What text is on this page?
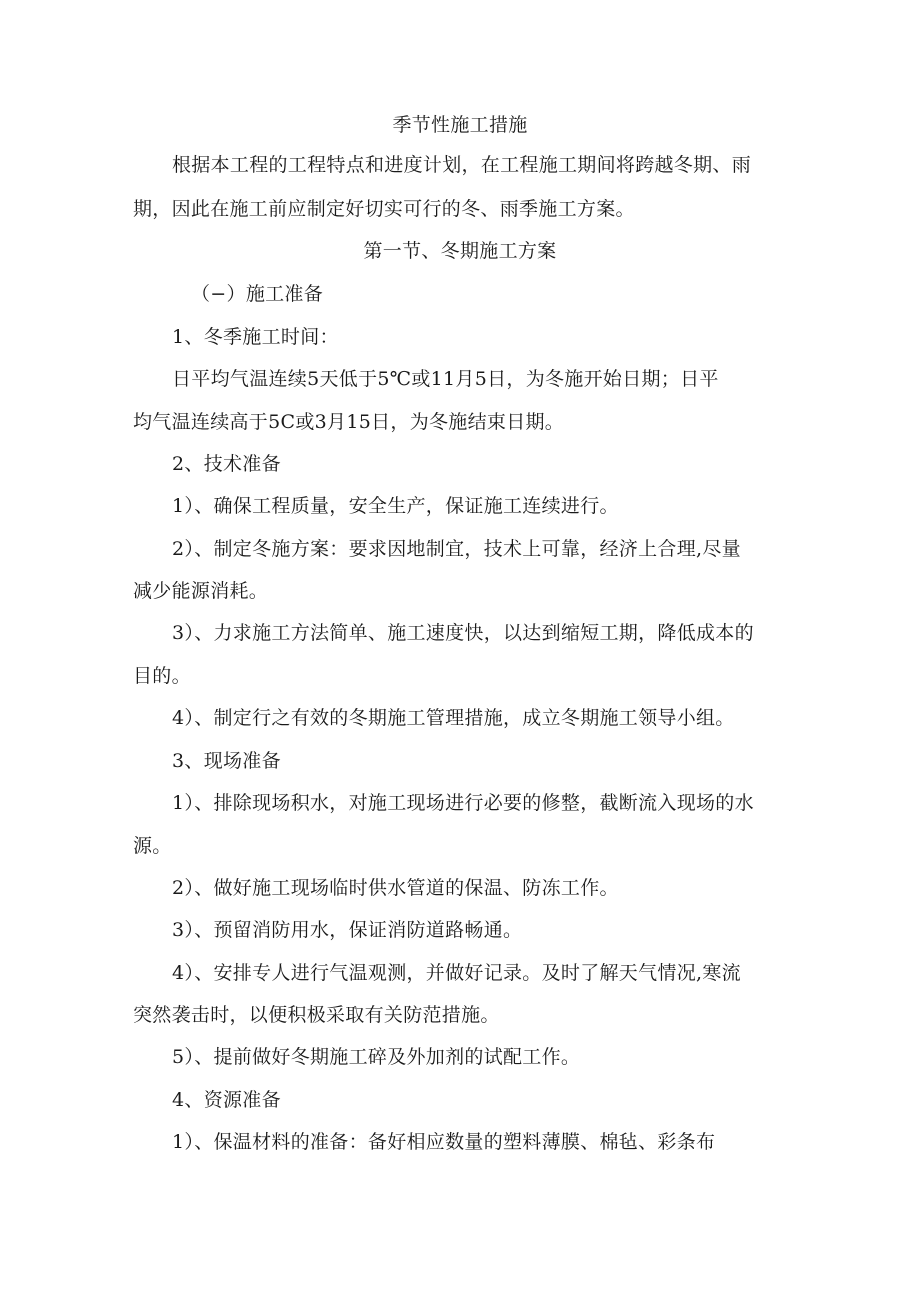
季节性施工措施
根据本工程的工程特点和进度计划，在工程施工期间将跨越冬期、雨
期，因此在施工前应制定好切实可行的冬、雨季施工方案。
第一节、冬期施工方案
（−）施工准备
1、冬季施工时间：
日平均气温连续5天低于5℃或11月5日，为冬施开始日期；日平
均气温连续高于5C或3月15日，为冬施结束日期。
2、技术准备
1）、确保工程质量，安全生产，保证施工连续进行。
2）、制定冬施方案：要求因地制宜，技术上可靠，经济上合理,尽量
减少能源消耗。
3）、力求施工方法简单、施工速度快，以达到缩短工期，降低成本的
目的。
4）、制定行之有效的冬期施工管理措施，成立冬期施工领导小组。
3、现场准备
1）、排除现场积水，对施工现场进行必要的修整，截断流入现场的水
源。
2）、做好施工现场临时供水管道的保温、防冻工作。
3）、预留消防用水，保证消防道路畅通。
4）、安排专人进行气温观测，并做好记录。及时了解天气情况,寒流
突然袭击时，以便积极采取有关防范措施。
5）、提前做好冬期施工碎及外加剂的试配工作。
4、资源准备
1）、保温材料的准备：备好相应数量的塑料薄膜、棉毡、彩条布
